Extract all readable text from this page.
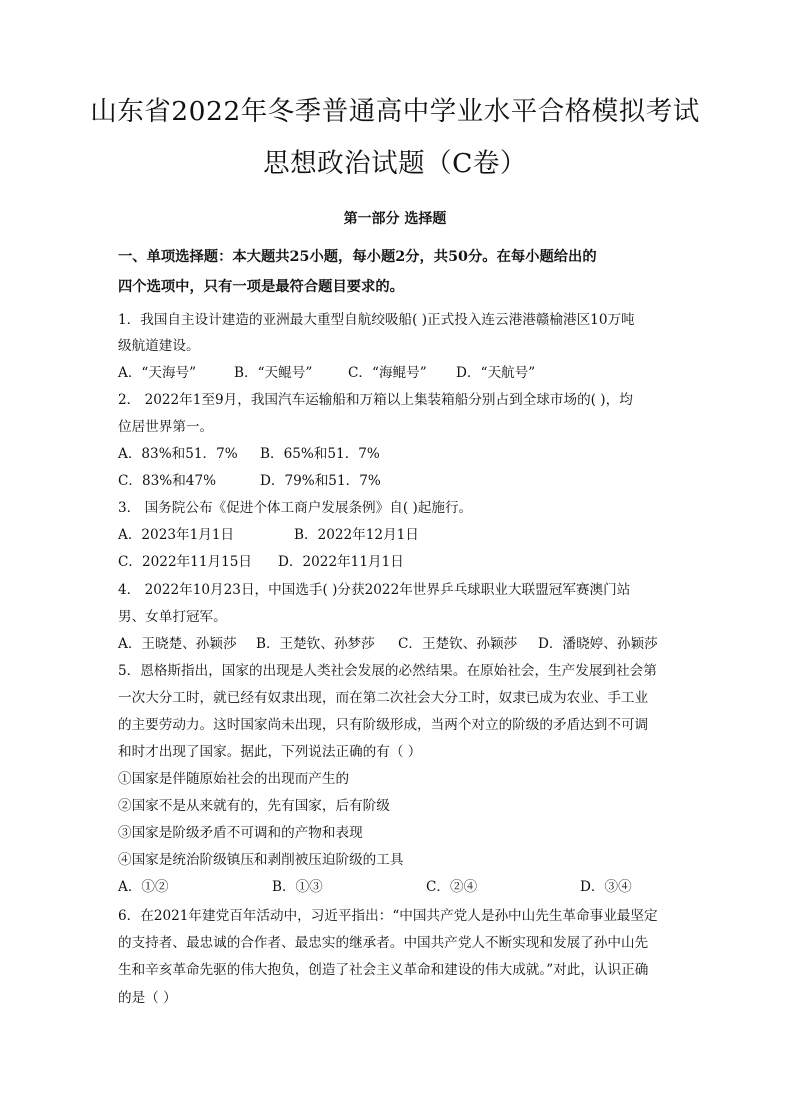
山东省2022年冬季普通高中学业水平合格模拟考试
思想政治试题（C卷）
第一部分 选择题
一、单项选择题：本大题共25小题，每小题2分，共50分。在每小题给出的
四个选项中，只有一项是最符合题目要求的。
1．我国自主设计建造的亚洲最大重型自航绞吸船( )正式投入连云港港赣榆港区10万吨
级航道建设。
A．“天海号”	B．“天鲲号”	C．“海鲲号” D．“天航号”
2． 2022年1至9月，我国汽车运输船和万箱以上集装箱船分别占到全球市场的( )，均
位居世界第一。
A．83%和51．7% B．65%和51．7%
C．83%和47%	D．79%和51．7%
3． 国务院公布《促进个体工商户发展条例》自( )起施行。
A．2023年1月1日	B．2022年12月1日
C．2022年11月15日 D．2022年11月1日
4． 2022年10月23日，中国选手( )分获2022年世界乒乓球职业大联盟冠军赛澳门站
男、女单打冠军。
A．王晓楚、孙颖莎 B．王楚钦、孙梦莎 C．王楚钦、孙颖莎 D．潘晓婷、孙颖莎
5．恩格斯指出，国家的出现是人类社会发展的必然结果。在原始社会，生产发展到社会第
一次大分工时，就已经有奴隶出现，而在第二次社会大分工时，奴隶已成为农业、手工业
的主要劳动力。这时国家尚未出现，只有阶级形成，当两个对立的阶级的矛盾达到不可调
和时才出现了国家。据此，下列说法正确的有（ ）
①国家是伴随原始社会的出现而产生的
②国家不是从来就有的，先有国家，后有阶级
③国家是阶级矛盾不可调和的产物和表现
④国家是统治阶级镇压和剥削被压迫阶级的工具
A．①②	B．①③	C．②④	D．③④
6．在2021年建党百年活动中，习近平指出：“中国共产党人是孙中山先生革命事业最坚定
的支持者、最忠诚的合作者、最忠实的继承者。中国共产党人不断实现和发展了孙中山先
生和辛亥革命先驱的伟大抱负，创造了社会主义革命和建设的伟大成就。”对此，认识正确
的是（ ）
